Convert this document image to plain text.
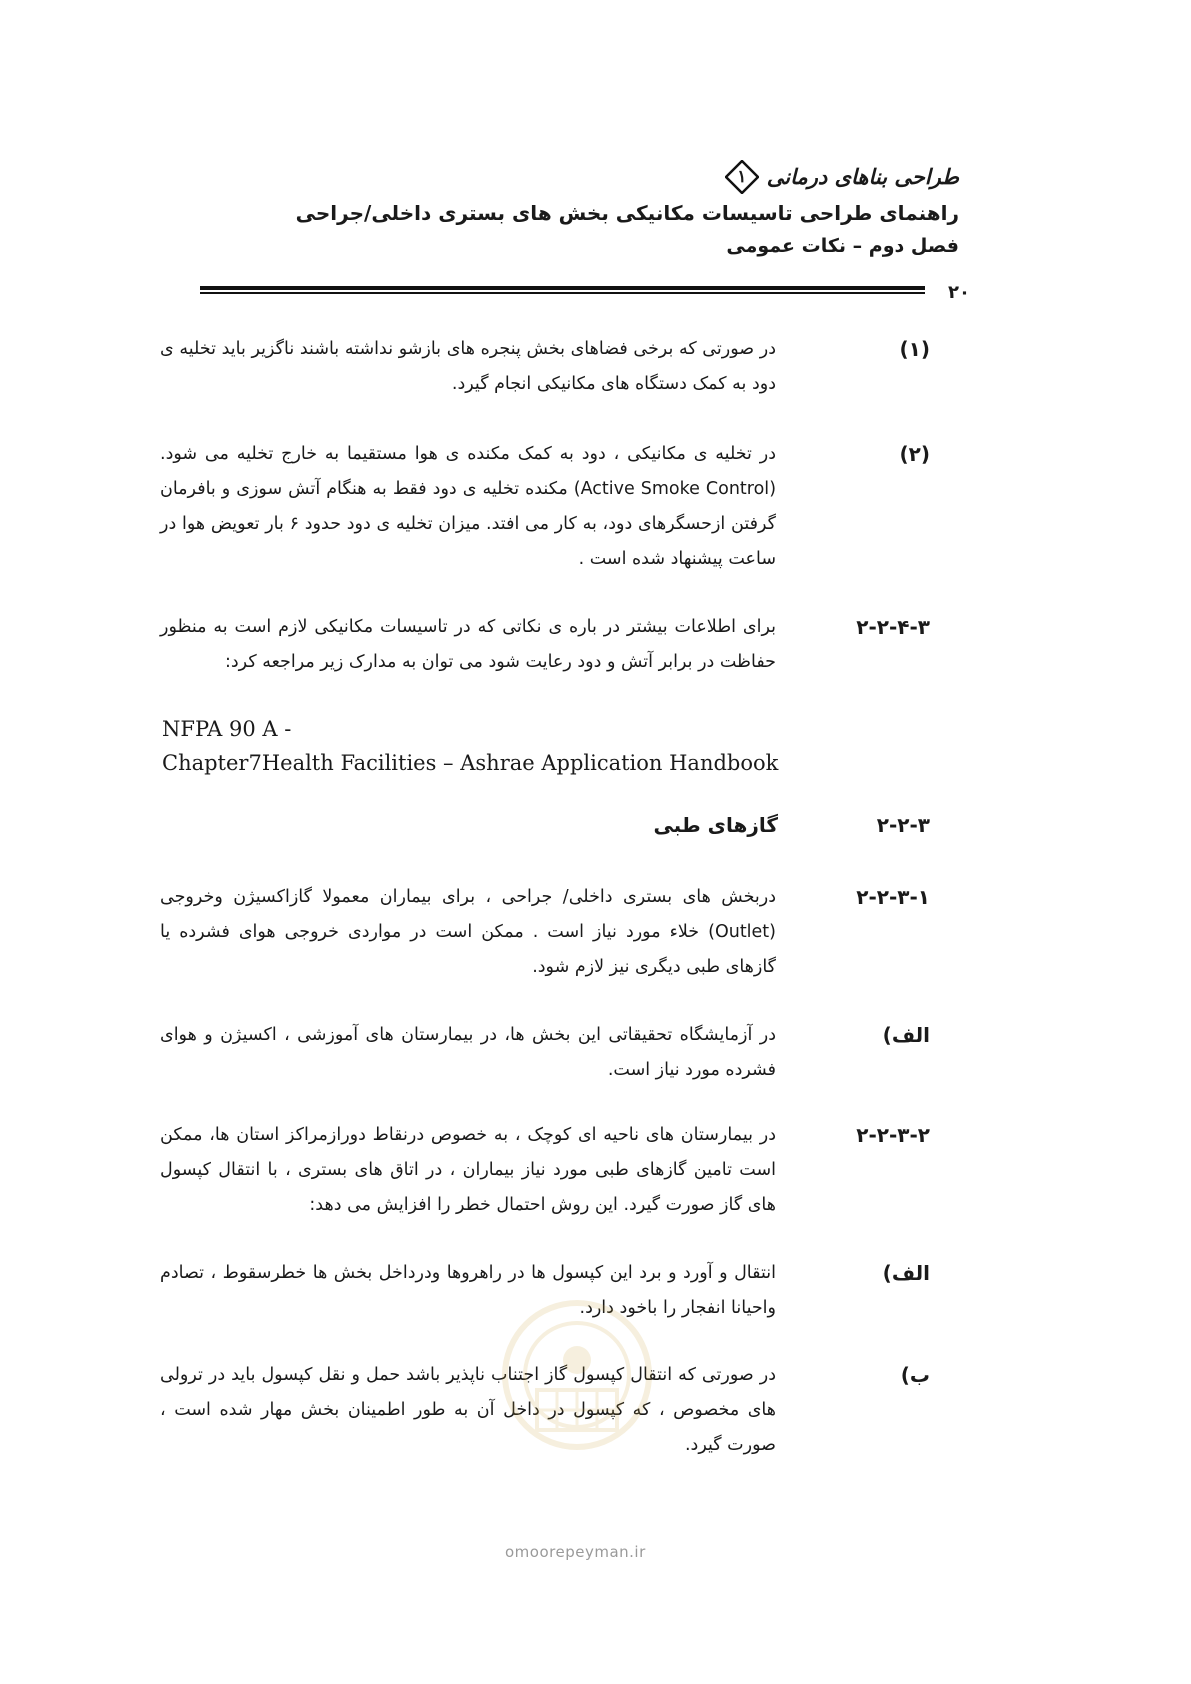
طراحی بناهای درمانی
۱
راهنمای طراحی تاسیسات مکانیکی بخش های بستری داخلی/جراحی
فصل دوم – نکات عمومی
۲۰
(۱)
در صورتی که برخی فضاهای بخش پنجره های بازشو نداشته باشند ناگزیر باید تخلیه ی دود به کمک دستگاه های مکانیکی انجام گیرد.
(۲)
در تخلیه ی مکانیکی ، دود به کمک مکنده ی هوا مستقیما به خارج تخلیه می شود. (Active Smoke Control) مکنده تخلیه ی دود فقط به هنگام آتش سوزی و بافرمان گرفتن ازحسگرهای دود، به کار می افتد. میزان تخلیه ی دود حدود ۶ بار تعویض هوا در ساعت پیشنهاد شده است .
۲-۲-۴-۳
برای اطلاعات بیشتر در باره ی نکاتی که در تاسیسات مکانیکی لازم است به منظور حفاظت در برابر آتش و دود رعایت شود می توان به مدارک زیر مراجعه کرد:
NFPA 90 A -
Chapter7Health Facilities – Ashrae Application Handbook
۲-۲-۳
گازهای طبی
۲-۲-۳-۱
دربخش های بستری داخلی/ جراحی ، برای بیماران معمولا گازاکسیژن وخروجی (Outlet) خلاء مورد نیاز است . ممکن است در مواردی خروجی هوای فشرده یا گازهای طبی دیگری نیز لازم شود.
الف)
در آزمایشگاه تحقیقاتی این بخش ها، در بیمارستان های آموزشی ، اکسیژن و هوای فشرده مورد نیاز است.
۲-۲-۳-۲
در بیمارستان های ناحیه ای کوچک ، به خصوص درنقاط دورازمراکز استان ها، ممکن است تامین گازهای طبی مورد نیاز بیماران ، در اتاق های بستری ، با انتقال کپسول های گاز صورت گیرد. این روش احتمال خطر را افزایش می دهد:
الف)
انتقال و آورد و برد این کپسول ها در راهروها ودرداخل بخش ها خطرسقوط ، تصادم واحیانا انفجار را باخود دارد.
ب)
در صورتی که انتقال کپسول گاز اجتناب ناپذیر باشد حمل و نقل کپسول باید در ترولی های مخصوص ، که کپسول در داخل آن به طور اطمینان بخش مهار شده است ، صورت گیرد.
omoorepeyman.ir
